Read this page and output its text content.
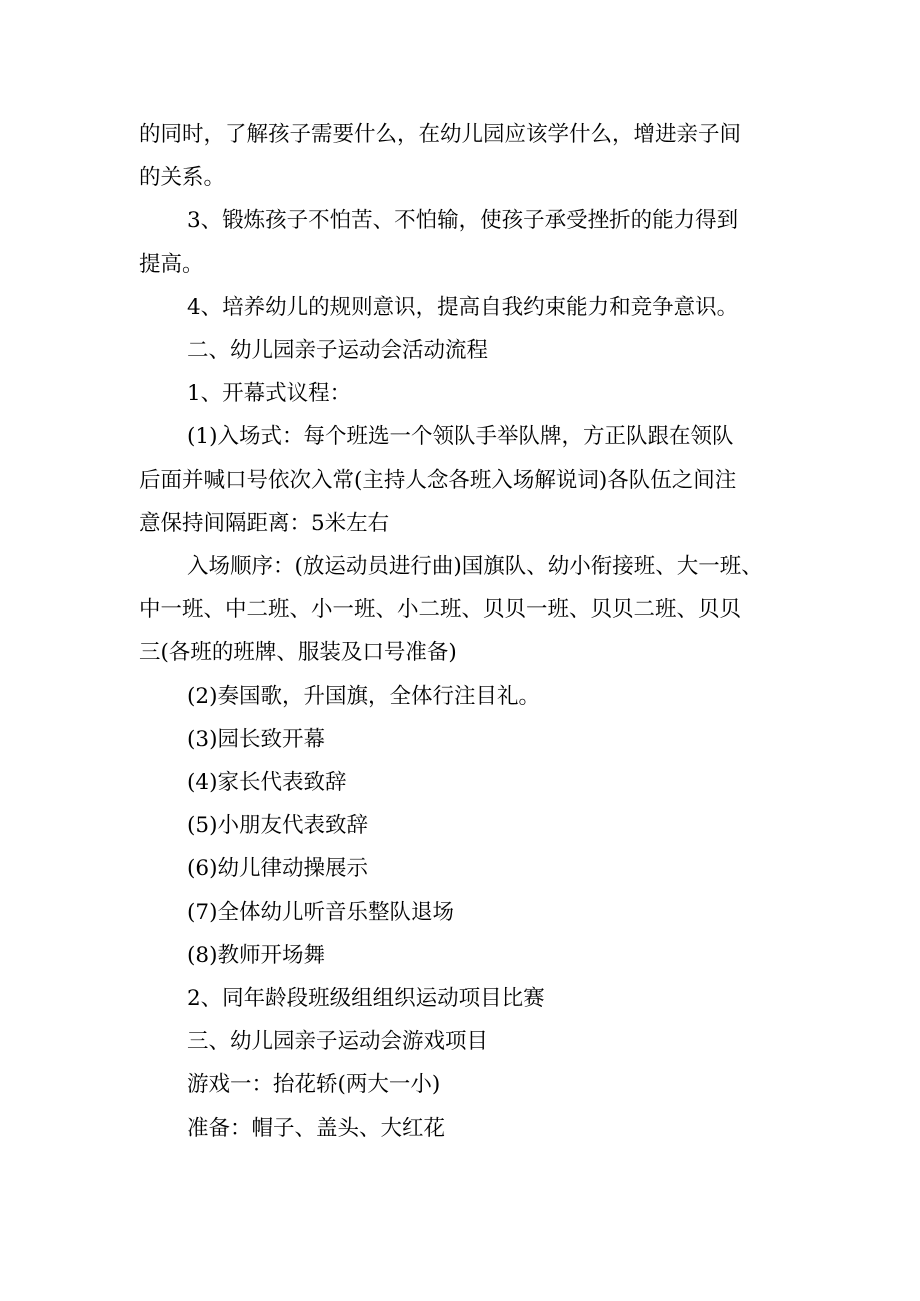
的同时，了解孩子需要什么，在幼儿园应该学什么，增进亲子间

的关系。

3、锻炼孩子不怕苦、不怕输，使孩子承受挫折的能力得到

提高。

4、培养幼儿的规则意识，提高自我约束能力和竞争意识。

二、幼儿园亲子运动会活动流程

1、开幕式议程：

(1)入场式：每个班选一个领队手举队牌，方正队跟在领队

后面并喊口号依次入常(主持人念各班入场解说词)各队伍之间注

意保持间隔距离：5米左右

入场顺序：(放运动员进行曲)国旗队、幼小衔接班、大一班、

中一班、中二班、小一班、小二班、贝贝一班、贝贝二班、贝贝

三(各班的班牌、服装及口号准备)

(2)奏国歌，升国旗，全体行注目礼。

(3)园长致开幕

(4)家长代表致辞

(5)小朋友代表致辞

(6)幼儿律动操展示

(7)全体幼儿听音乐整队退场

(8)教师开场舞

2、同年龄段班级组组织运动项目比赛

三、幼儿园亲子运动会游戏项目

游戏一：抬花轿(两大一小)

准备：帽子、盖头、大红花
